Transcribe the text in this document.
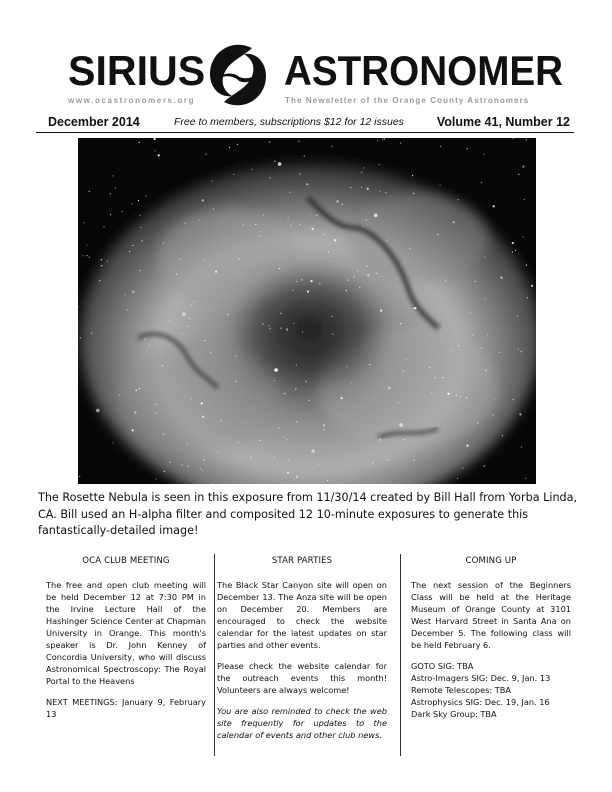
SIRIUS ASTRONOMER
www.ocastronomers.org	The Newsletter of the Orange County Astronomers
December 2014	Free to members, subscriptions $12 for 12 issues	Volume 41, Number 12
The Rosette Nebula is seen in this exposure from 11/30/14 created by Bill Hall from Yorba Linda, CA. Bill used an H-alpha filter and composited 12 10-minute exposures to generate this fantastically-detailed image!
OCA CLUB MEETING

The free and open club meeting will be held December 12 at 7:30 PM in the Irvine Lecture Hall of the Hashinger Science Center at Chapman University in Orange. This month's speaker is Dr. John Kenney of Concordia University, who will discuss Astronomical Spectroscopy: The Royal Portal to the Heavens

NEXT MEETINGS: January 9, February 13

STAR PARTIES

The Black Star Canyon site will open on December 13. The Anza site will be open on December 20. Members are encouraged to check the website calendar for the latest updates on star parties and other events.

Please check the website calendar for the outreach events this month! Volunteers are always welcome!

You are also reminded to check the web site frequently for updates to the calendar of events and other club news.

COMING UP

The next session of the Beginners Class will be held at the Heritage Museum of Orange County at 3101 West Harvard Street in Santa Ana on December 5. The following class will be held February 6.

GOTO SIG: TBA
Astro-Imagers SIG: Dec. 9, Jan. 13
Remote Telescopes: TBA
Astrophysics SIG: Dec. 19, Jan. 16
Dark Sky Group: TBA
